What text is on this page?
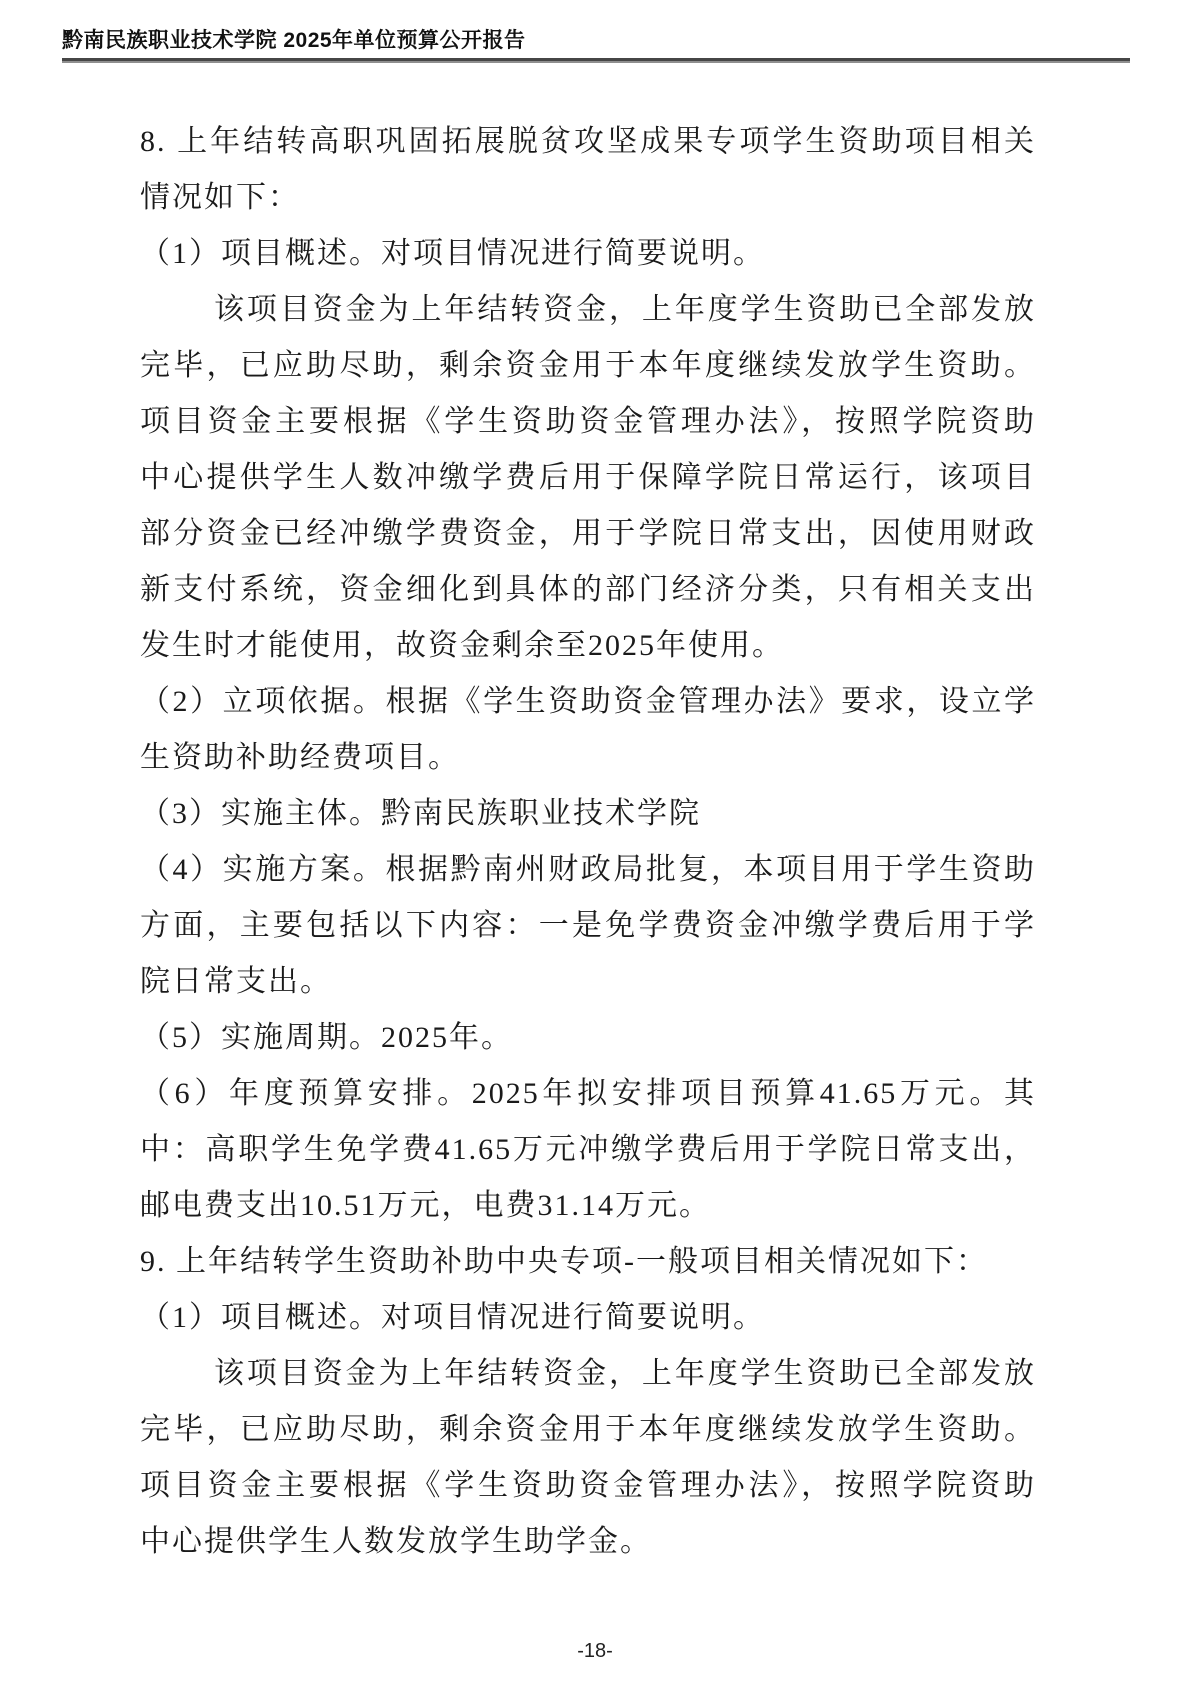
黔南民族职业技术学院 2025年单位预算公开报告
8. 上年结转高职巩固拓展脱贫攻坚成果专项学生资助项目相关
情况如下：
（1）项目概述。对项目情况进行简要说明。
该项目资金为上年结转资金，上年度学生资助已全部发放
完毕，已应助尽助，剩余资金用于本年度继续发放学生资助。
项目资金主要根据《学生资助资金管理办法》，按照学院资助
中心提供学生人数冲缴学费后用于保障学院日常运行，该项目
部分资金已经冲缴学费资金，用于学院日常支出，因使用财政
新支付系统，资金细化到具体的部门经济分类，只有相关支出
发生时才能使用，故资金剩余至2025年使用。
（2）立项依据。根据《学生资助资金管理办法》要求，设立学
生资助补助经费项目。
（3）实施主体。黔南民族职业技术学院
（4）实施方案。根据黔南州财政局批复，本项目用于学生资助
方面，主要包括以下内容：一是免学费资金冲缴学费后用于学
院日常支出。
（5）实施周期。2025年。
（6）年度预算安排。2025年拟安排项目预算41.65万元。其
中：高职学生免学费41.65万元冲缴学费后用于学院日常支出，
邮电费支出10.51万元，电费31.14万元。
9. 上年结转学生资助补助中央专项-一般项目相关情况如下：
（1）项目概述。对项目情况进行简要说明。
该项目资金为上年结转资金，上年度学生资助已全部发放
完毕，已应助尽助，剩余资金用于本年度继续发放学生资助。
项目资金主要根据《学生资助资金管理办法》，按照学院资助
中心提供学生人数发放学生助学金。
-18-
